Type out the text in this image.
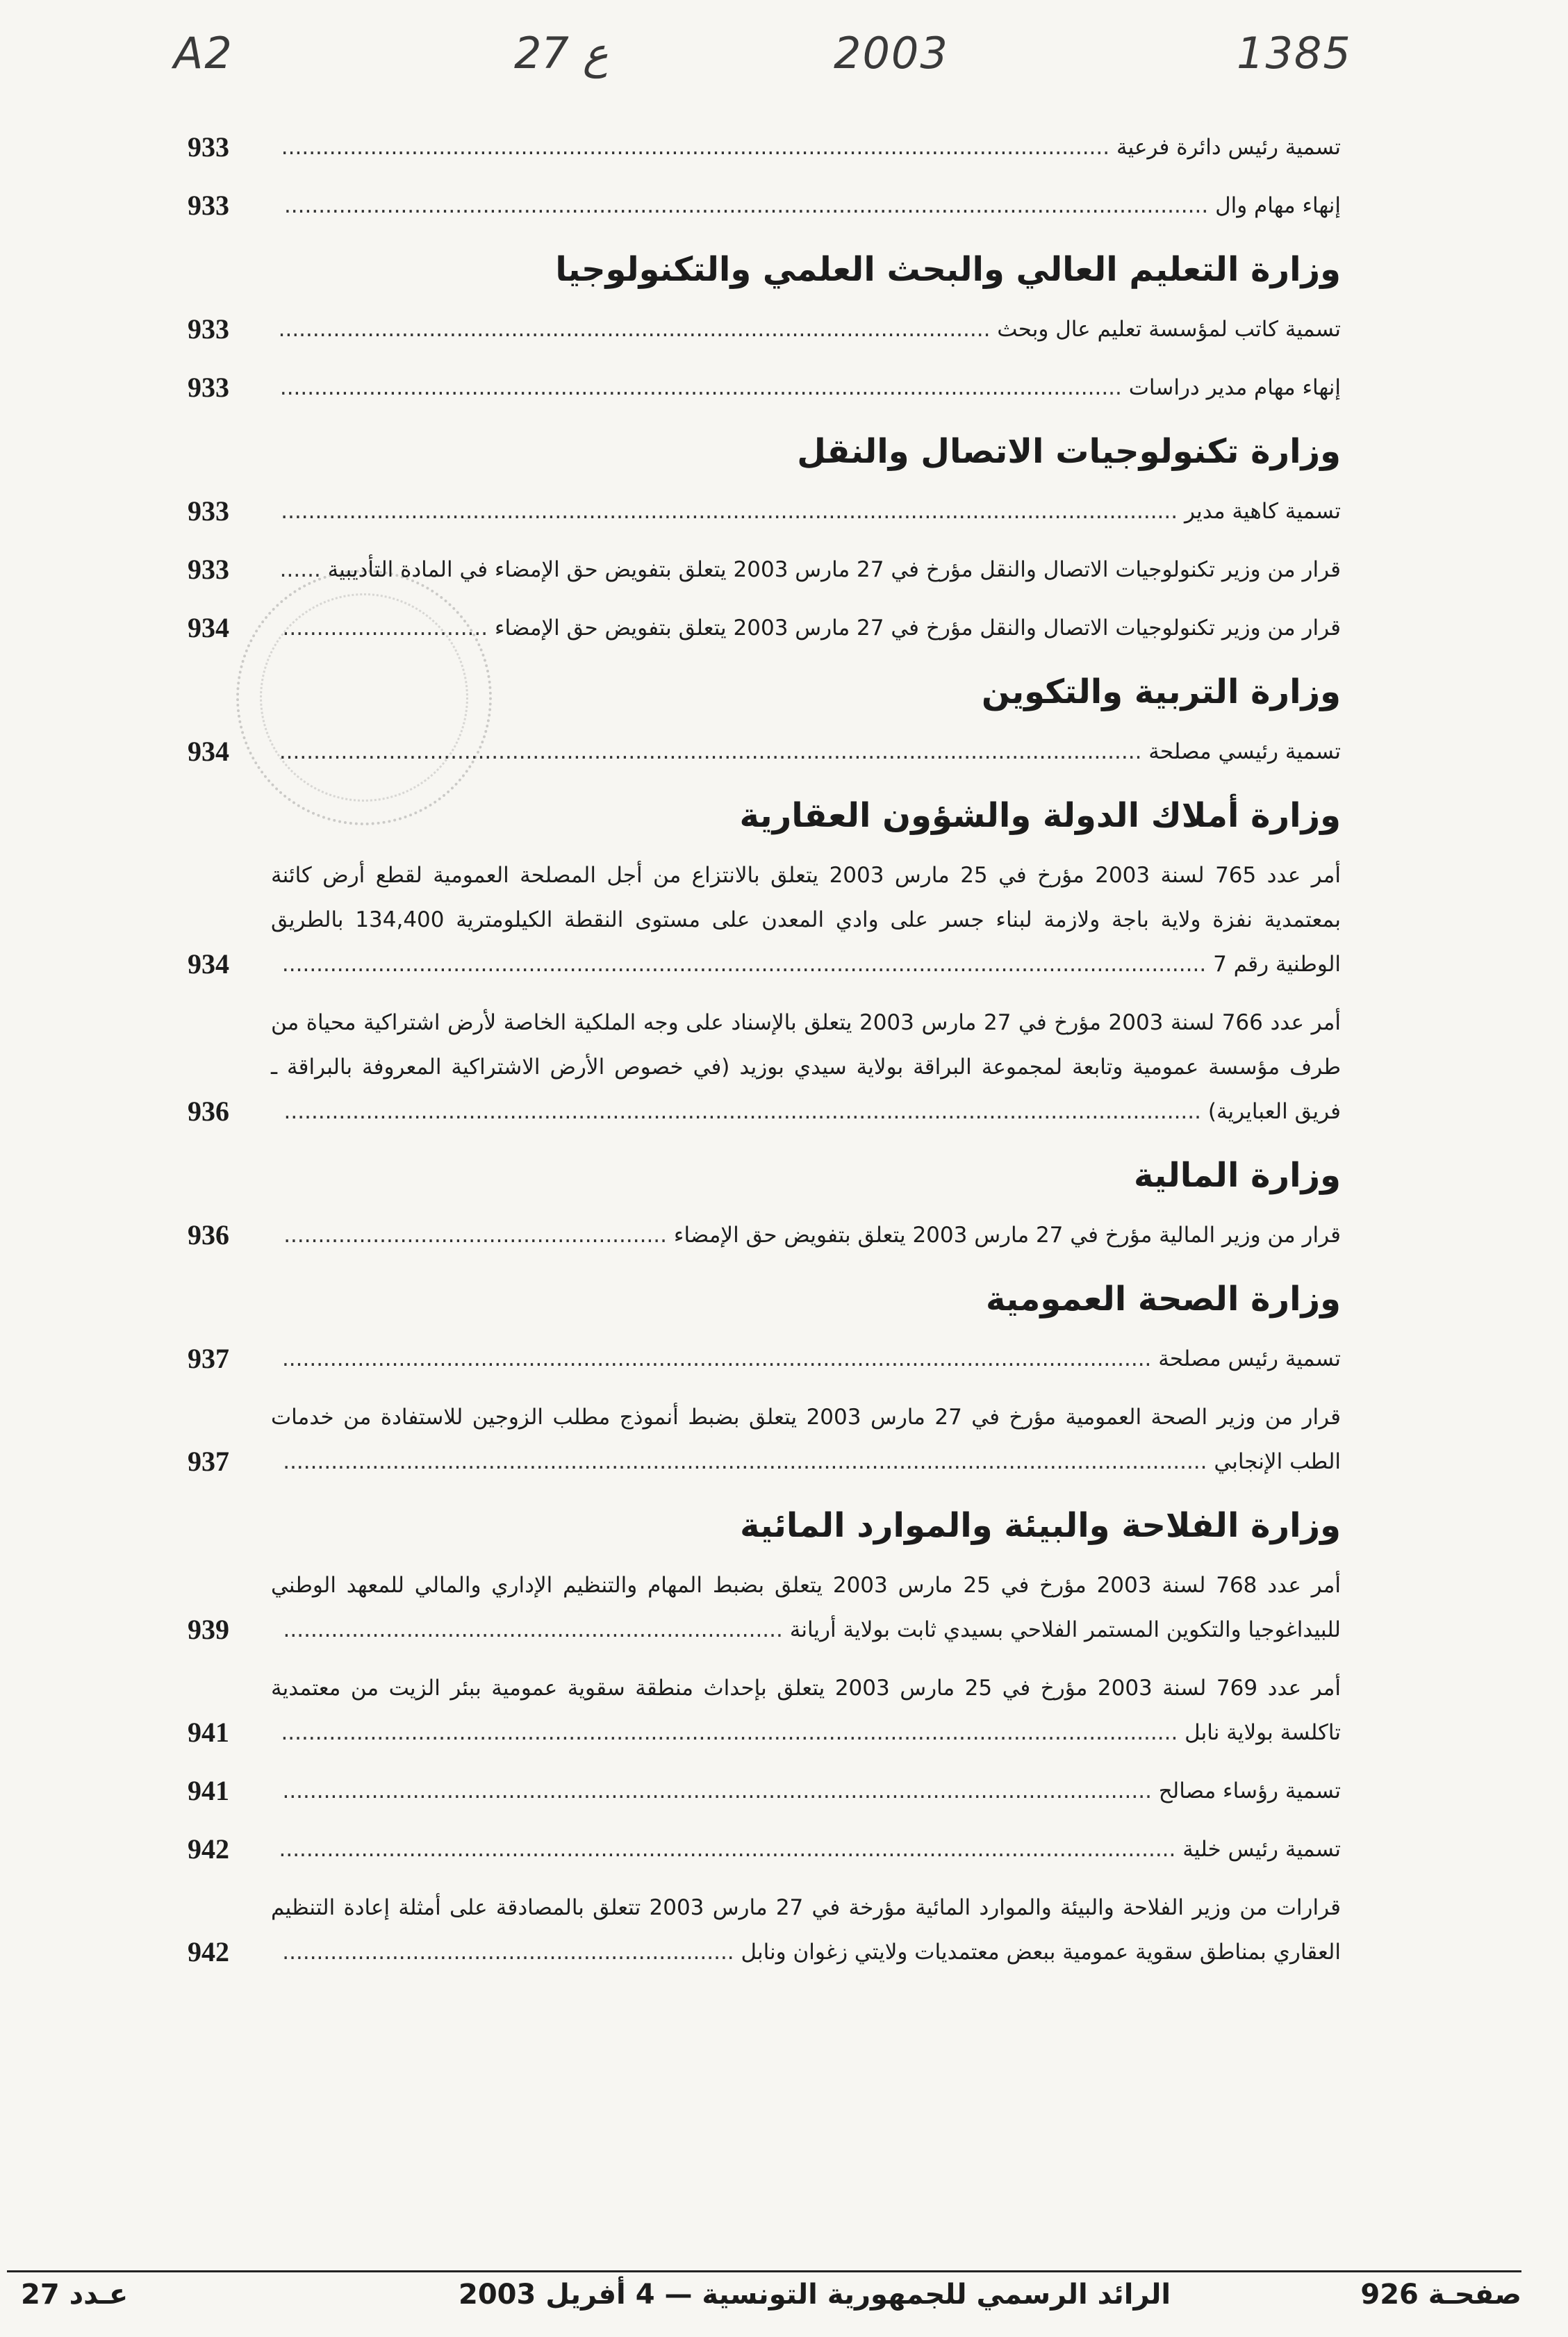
A2	27 ع	2003	1385
تسمية رئيس دائرة فرعية .........................................................................................................................
933
إنهاء مهام وال .......................................................................................................................................
933
وزارة التعليم العالي والبحث العلمي والتكنولوجيا
تسمية كاتب لمؤسسة تعليم عال وبحث ........................................................................................................
933
إنهاء مهام مدير دراسات ...........................................................................................................................
933
وزارة تكنولوجيات الاتصال والنقل
تسمية كاهية مدير ...................................................................................................................................
933
قرار من وزير تكنولوجيات الاتصال والنقل مؤرخ في 27 مارس 2003 يتعلق بتفويض حق الإمضاء في المادة التأديبية ......
933
قرار من وزير تكنولوجيات الاتصال والنقل مؤرخ في 27 مارس 2003 يتعلق بتفويض حق الإمضاء ..............................
934
وزارة التربية والتكوين
تسمية رئيسي مصلحة ..............................................................................................................................
934
وزارة أملاك الدولة والشؤون العقارية
أمر عدد 765 لسنة 2003 مؤرخ في 25 مارس 2003 يتعلق بالانتزاع من أجل المصلحة العمومية لقطع أرض كائنة بمعتمدية نفزة ولاية باجة ولازمة لبناء جسر على وادي المعدن على مستوى النقطة الكيلومترية 134,400 بالطريق الوطنية رقم 7 .......................................................................................................................................
934
أمر عدد 766 لسنة 2003 مؤرخ في 27 مارس 2003 يتعلق بالإسناد على وجه الملكية الخاصة لأرض اشتراكية محياة من طرف مؤسسة عمومية وتابعة لمجموعة البراقة بولاية سيدي بوزيد (في خصوص الأرض الاشتراكية المعروفة بالبراقة ـ فريق العبايرية) ......................................................................................................................................
936
وزارة المالية
قرار من وزير المالية مؤرخ في 27 مارس 2003 يتعلق بتفويض حق الإمضاء ........................................................
936
وزارة الصحة العمومية
تسمية رئيس مصلحة ...............................................................................................................................
937
قرار من وزير الصحة العمومية مؤرخ في 27 مارس 2003 يتعلق بضبط أنموذج مطلب الزوجين للاستفادة من خدمات الطب الإنجابي .......................................................................................................................................
937
وزارة الفلاحة والبيئة والموارد المائية
أمر عدد 768 لسنة 2003 مؤرخ في 25 مارس 2003 يتعلق بضبط المهام والتنظيم الإداري والمالي للمعهد الوطني للبيداغوجيا والتكوين المستمر الفلاحي بسيدي ثابت بولاية أريانة .........................................................................
939
أمر عدد 769 لسنة 2003 مؤرخ في 25 مارس 2003 يتعلق بإحداث منطقة سقوية عمومية ببئر الزيت من معتمدية تاكلسة بولاية نابل ...................................................................................................................................
941
تسمية رؤساء مصالح ...............................................................................................................................
941
تسمية رئيس خلية ...................................................................................................................................
942
قرارات من وزير الفلاحة والبيئة والموارد المائية مؤرخة في 27 مارس 2003 تتعلق بالمصادقة على أمثلة إعادة التنظيم العقاري بمناطق سقوية عمومية ببعض معتمديات ولايتي زغوان ونابل ..................................................................
942
صفحـة 926
الرائد الرسمي للجمهورية التونسية — 4 أفريل 2003
عـدد 27
